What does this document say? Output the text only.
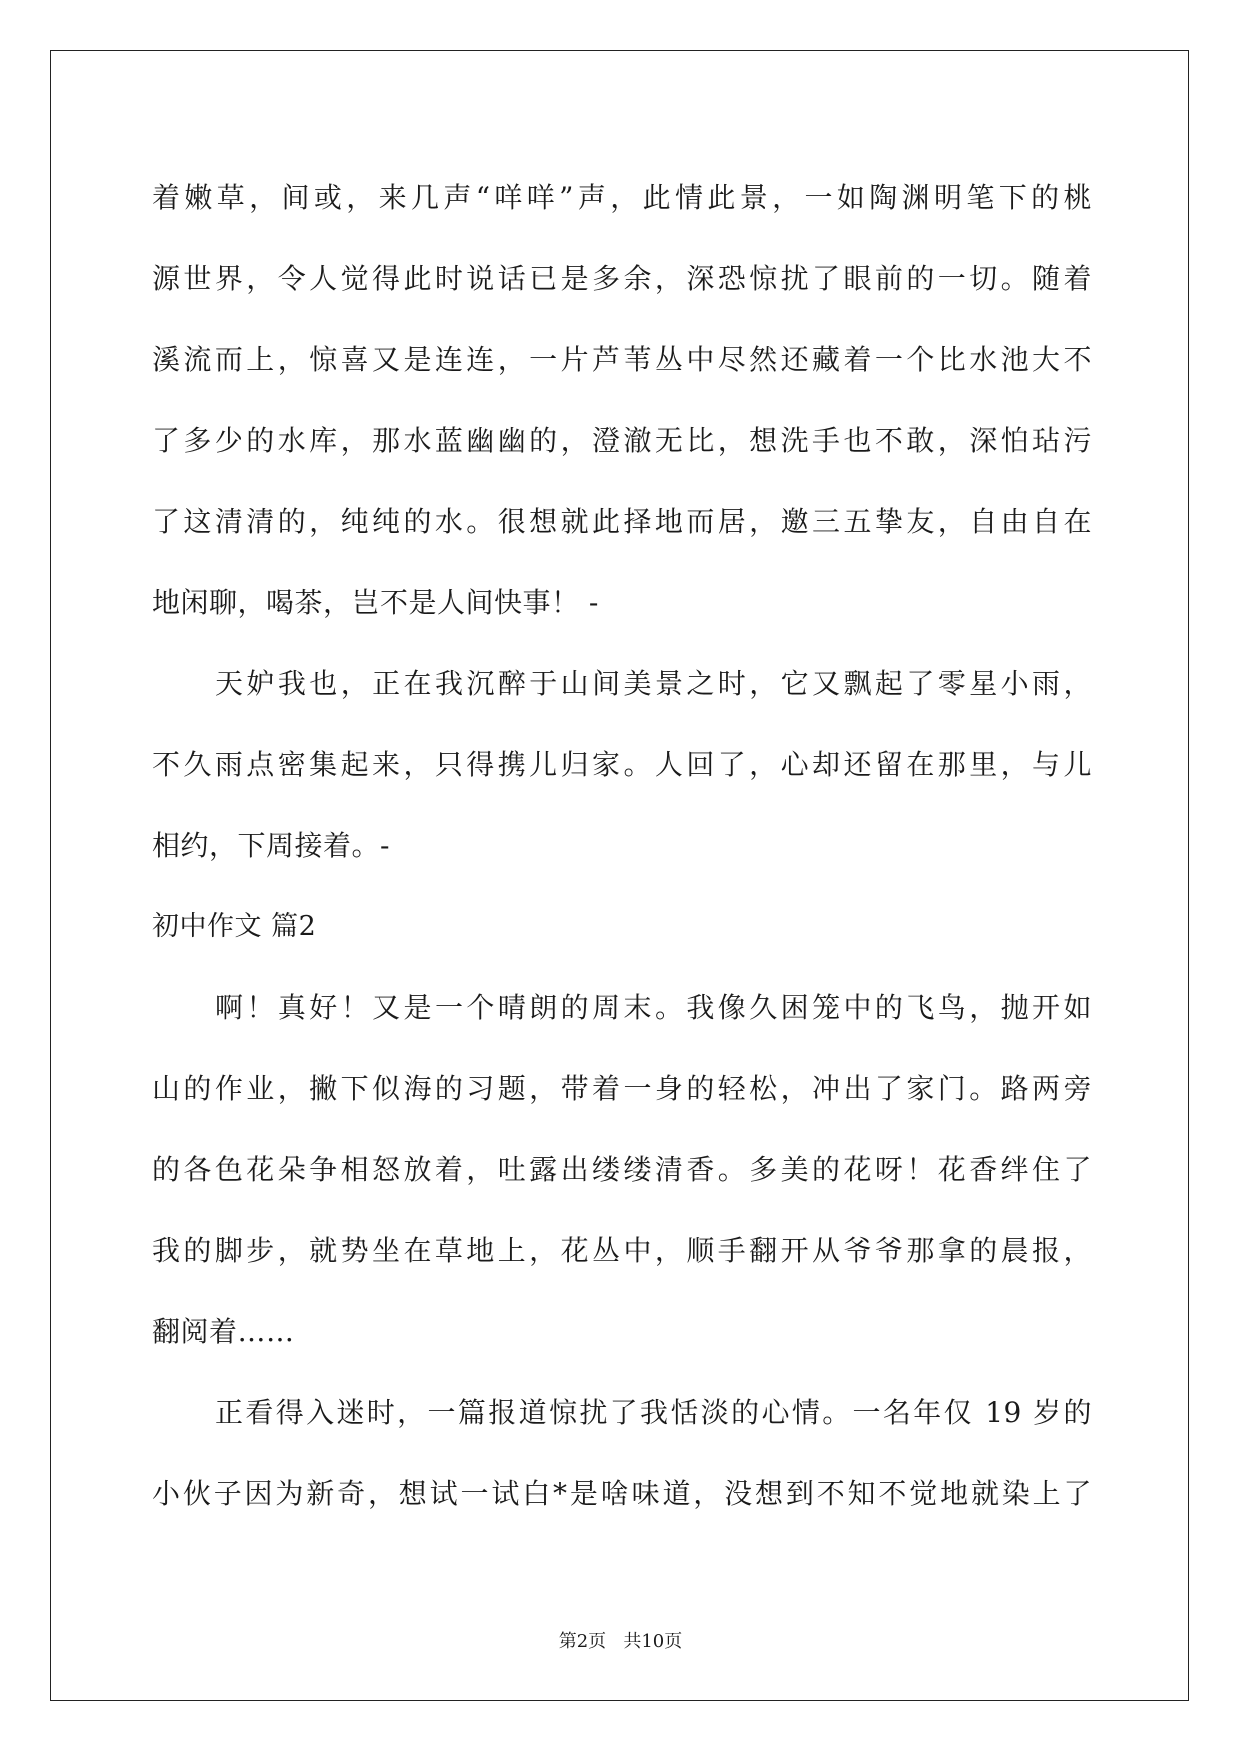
着嫩草，间或，来几声“咩咩”声，此情此景，一如陶渊明笔下的桃
源世界，令人觉得此时说话已是多余，深恐惊扰了眼前的一切。随着
溪流而上，惊喜又是连连，一片芦苇丛中尽然还藏着一个比水池大不
了多少的水库，那水蓝幽幽的，澄澈无比，想洗手也不敢，深怕玷污
了这清清的，纯纯的水。很想就此择地而居，邀三五挚友，自由自在
地闲聊，喝茶，岂不是人间快事！ -
天妒我也，正在我沉醉于山间美景之时，它又飘起了零星小雨，
不久雨点密集起来，只得携儿归家。人回了，心却还留在那里，与儿
相约，下周接着。-
初中作文 篇2
啊！真好！又是一个晴朗的周末。我像久困笼中的飞鸟，抛开如
山的作业，撇下似海的习题，带着一身的轻松，冲出了家门。路两旁
的各色花朵争相怒放着，吐露出缕缕清香。多美的花呀！花香绊住了
我的脚步，就势坐在草地上，花丛中，顺手翻开从爷爷那拿的晨报，
翻阅着……
正看得入迷时，一篇报道惊扰了我恬淡的心情。一名年仅 19 岁的
小伙子因为新奇，想试一试白*是啥味道，没想到不知不觉地就染上了
第2页   共10页
